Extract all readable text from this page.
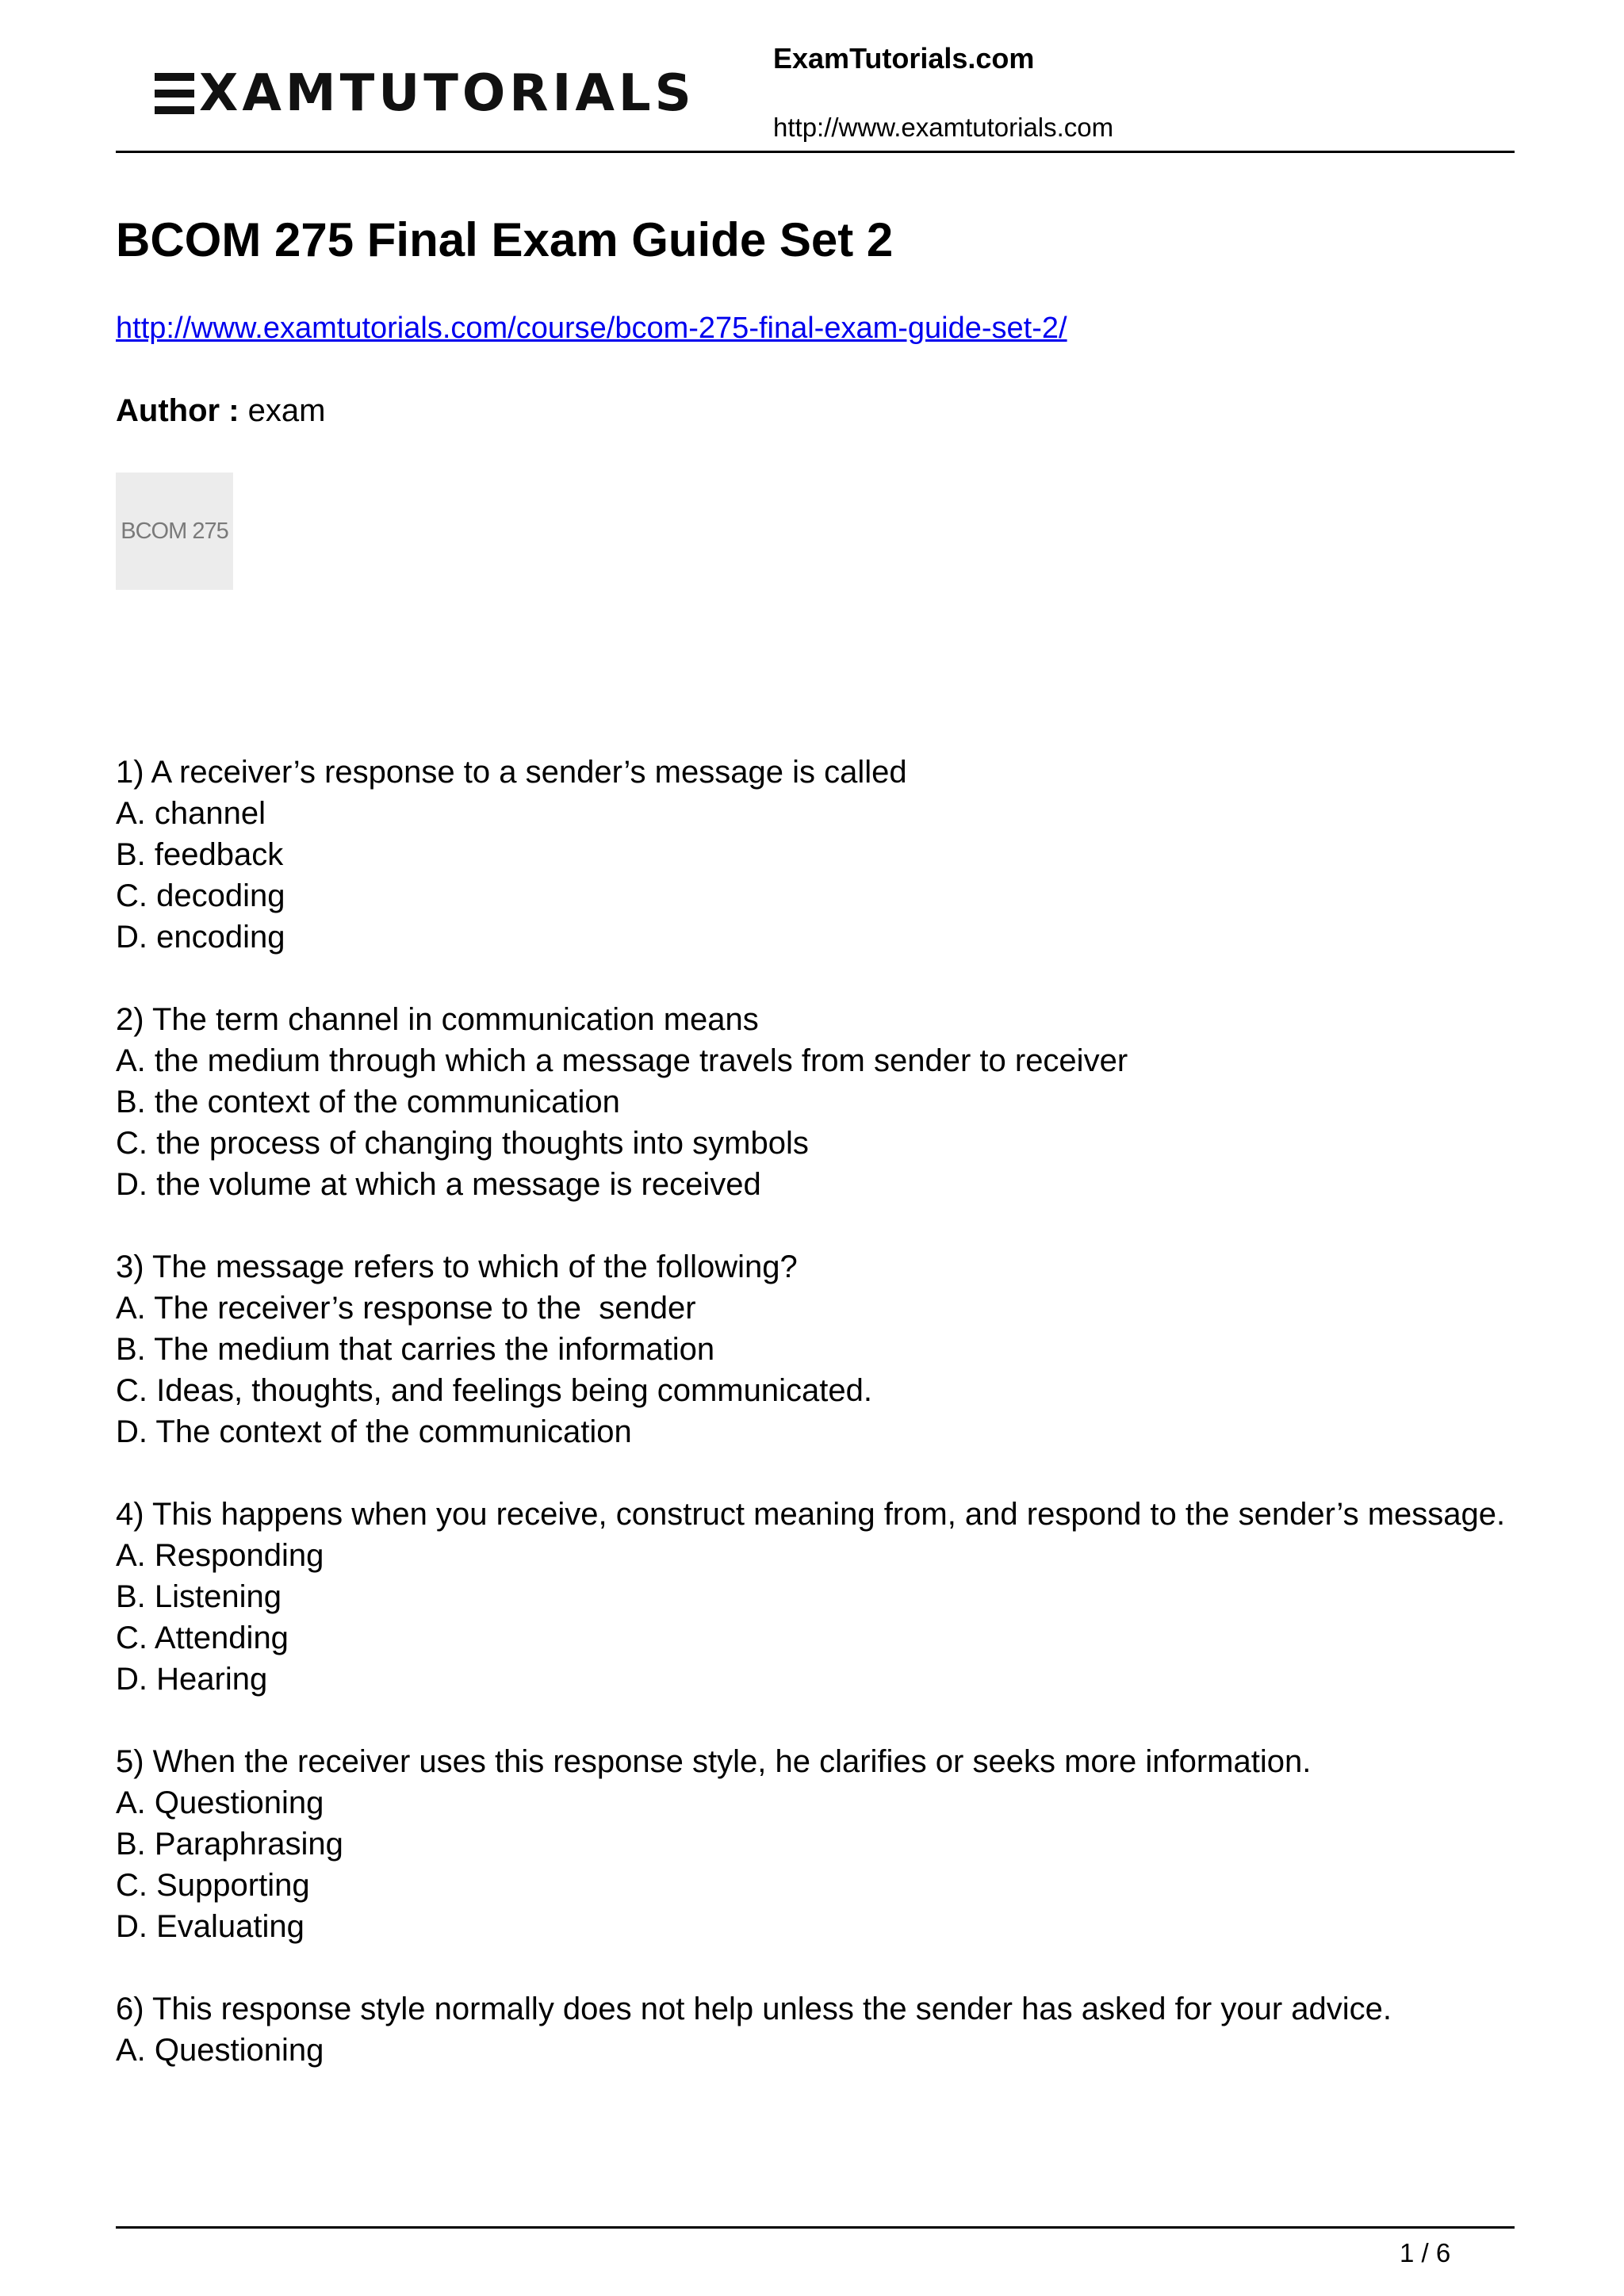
XAMTUTORIALS
ExamTutorials.com
http://www.examtutorials.com
BCOM 275 Final Exam Guide Set 2
http://www.examtutorials.com/course/bcom-275-final-exam-guide-set-2/
Author : exam
BCOM 275
1) A receiver’s response to a sender’s message is called
A. channel
B. feedback
C. decoding
D. encoding
2) The term channel in communication means
A. the medium through which a message travels from sender to receiver
B. the context of the communication
C. the process of changing thoughts into symbols
D. the volume at which a message is received
3) The message refers to which of the following?
A. The receiver’s response to the  sender
B. The medium that carries the information
C. Ideas, thoughts, and feelings being communicated.
D. The context of the communication
4) This happens when you receive, construct meaning from, and respond to the sender’s message.
A. Responding
B. Listening
C. Attending
D. Hearing
5) When the receiver uses this response style, he clarifies or seeks more information.
A. Questioning
B. Paraphrasing
C. Supporting
D. Evaluating
6) This response style normally does not help unless the sender has asked for your advice.
A. Questioning
1 / 6
